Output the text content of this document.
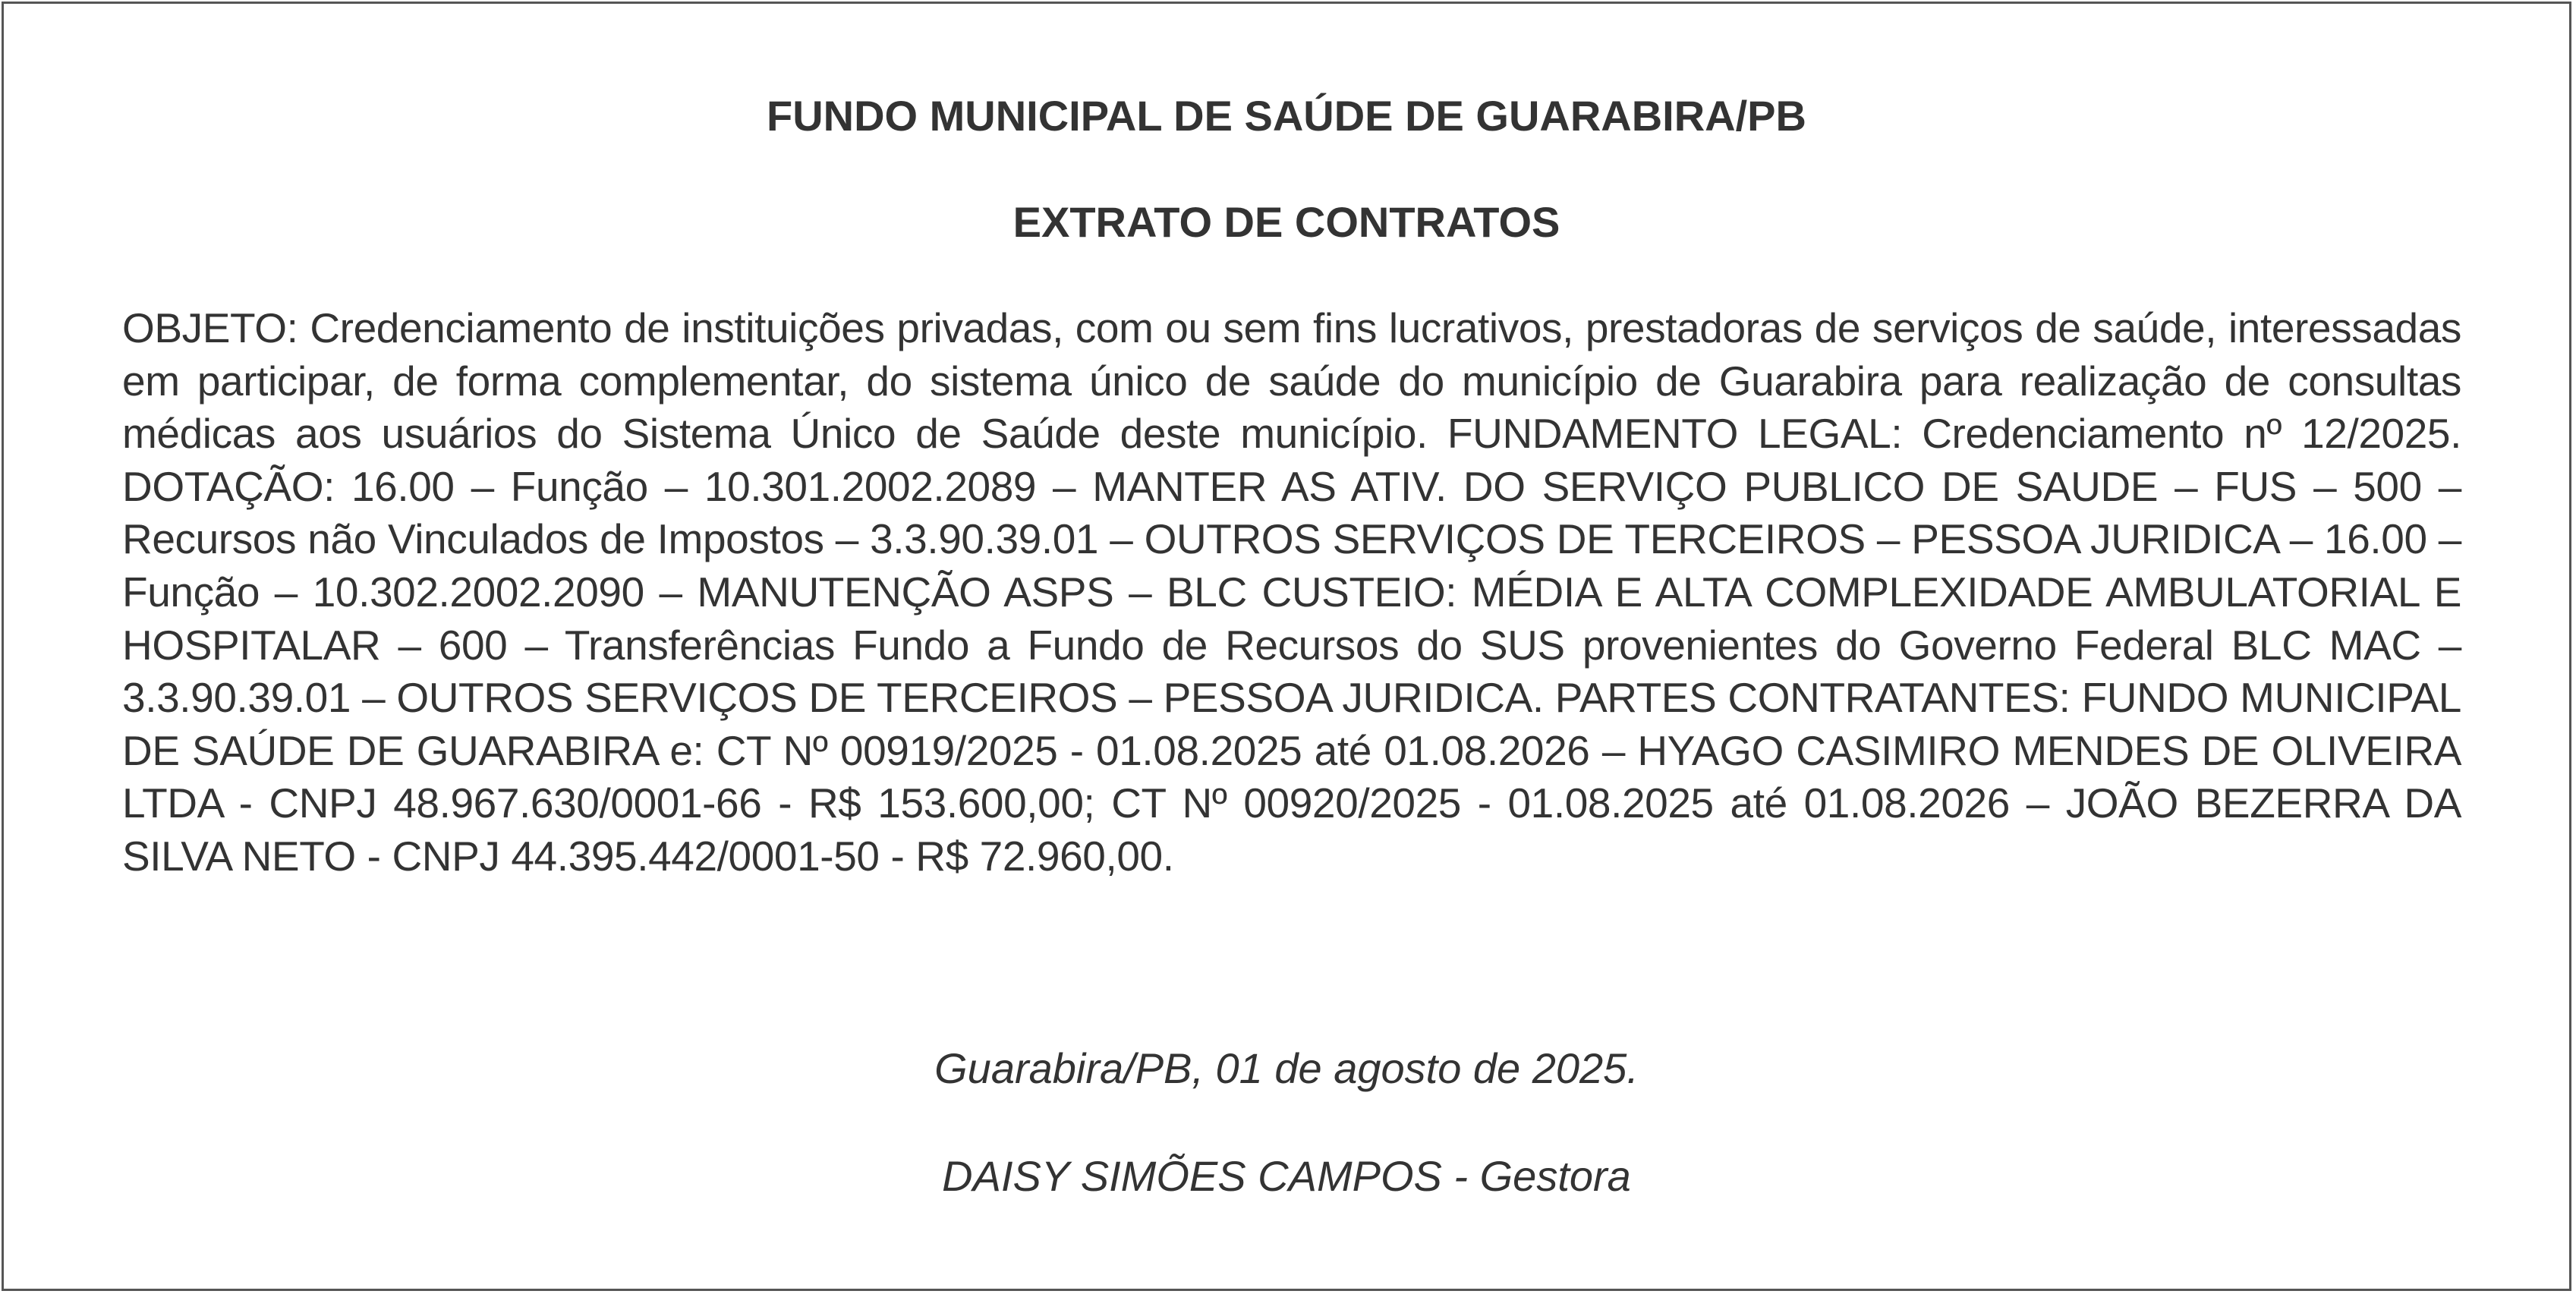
FUNDO MUNICIPAL DE SAÚDE DE GUARABIRA/PB
EXTRATO DE CONTRATOS

OBJETO: Credenciamento de instituições privadas, com ou sem fins lucrativos, prestadoras de serviços de saúde, interessadas em participar, de forma complementar, do sistema único de saúde do município de Guarabira para realização de consultas médicas aos usuários do Sistema Único de Saúde deste município. FUNDAMENTO LEGAL: Credenciamento nº 12/2025. DOTAÇÃO: 16.00 – Função – 10.301.2002.2089 – MANTER AS ATIV. DO SERVIÇO PUBLICO DE SAUDE – FUS – 500 – Recursos não Vinculados de Impostos – 3.3.90.39.01 – OUTROS SERVIÇOS DE TERCEIROS – PESSOA JURIDICA – 16.00 – Função – 10.302.2002.2090 – MANUTENÇÃO ASPS – BLC CUSTEIO: MÉDIA E ALTA COMPLEXIDADE AMBULATORIAL E HOSPITALAR – 600 – Transferências Fundo a Fundo de Recursos do SUS provenientes do Governo Federal BLC MAC – 3.3.90.39.01 – OUTROS SERVIÇOS DE TERCEIROS – PESSOA JURIDICA. PARTES CONTRATANTES: FUNDO MUNICIPAL DE SAÚDE DE GUARABIRA e: CT Nº 00919/2025 - 01.08.2025 até 01.08.2026 – HYAGO CASIMIRO MENDES DE OLIVEIRA LTDA - CNPJ 48.967.630/0001-66 - R$ 153.600,00; CT Nº 00920/2025 - 01.08.2025 até 01.08.2026 – JOÃO BEZERRA DA SILVA NETO - CNPJ 44.395.442/0001-50 - R$ 72.960,00.

Guarabira/PB, 01 de agosto de 2025.

DAISY SIMÕES CAMPOS - Gestora
